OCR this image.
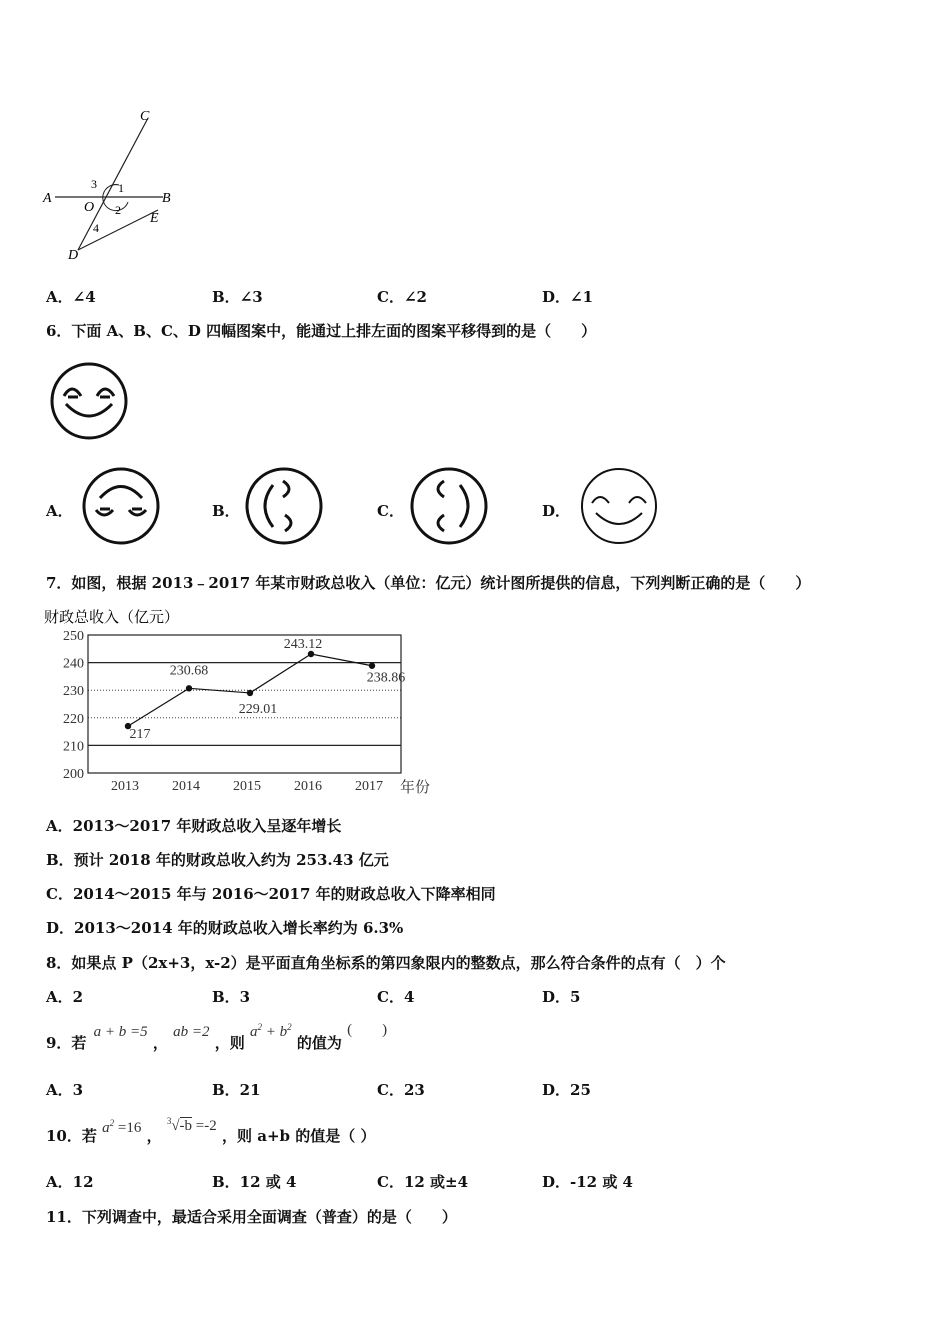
C
A	B
O
E
D
1
2
3
4
A．∠4	B．∠3	C．∠2	D．∠1
6．下面 A、B、C、D 四幅图案中，能通过上排左面的图案平移得到的是（　　）
A．	B．	C．	D．
7．如图，根据 2013﹣2017 年某市财政总收入（单位：亿元）统计图所提供的信息，下列判断正确的是（　　）
财政总收入（亿元）
250
240
230
220
210
200
2013 2014 2015 2016 2017 年份
217
230.68
229.01
243.12
238.86
A．2013～2017 年财政总收入呈逐年增长
B．预计 2018 年的财政总收入约为 253.43 亿元
C．2014～2015 年与 2016～2017 年的财政总收入下降率相同
D．2013～2014 年的财政总收入增长率约为 6.3%
8．如果点 P（2x+3，x-2）是平面直角坐标系的第四象限内的整数点，那么符合条件的点有（　）个
A．2	B．3	C．4	D．5
9．若 a + b =5 ， ab =2 ，则 $a^2 + b^2$ 的值为 (　　)
A．3	B．21	C．23	D．25
10．若 $a^2 =16$ ， $^3$√-b =-2 ，则 a+b 的值是（ ）
A．12	B．12 或 4	C．12 或±4	D．-12 或 4
11．下列调查中，最适合采用全面调查（普查）的是（　　）
